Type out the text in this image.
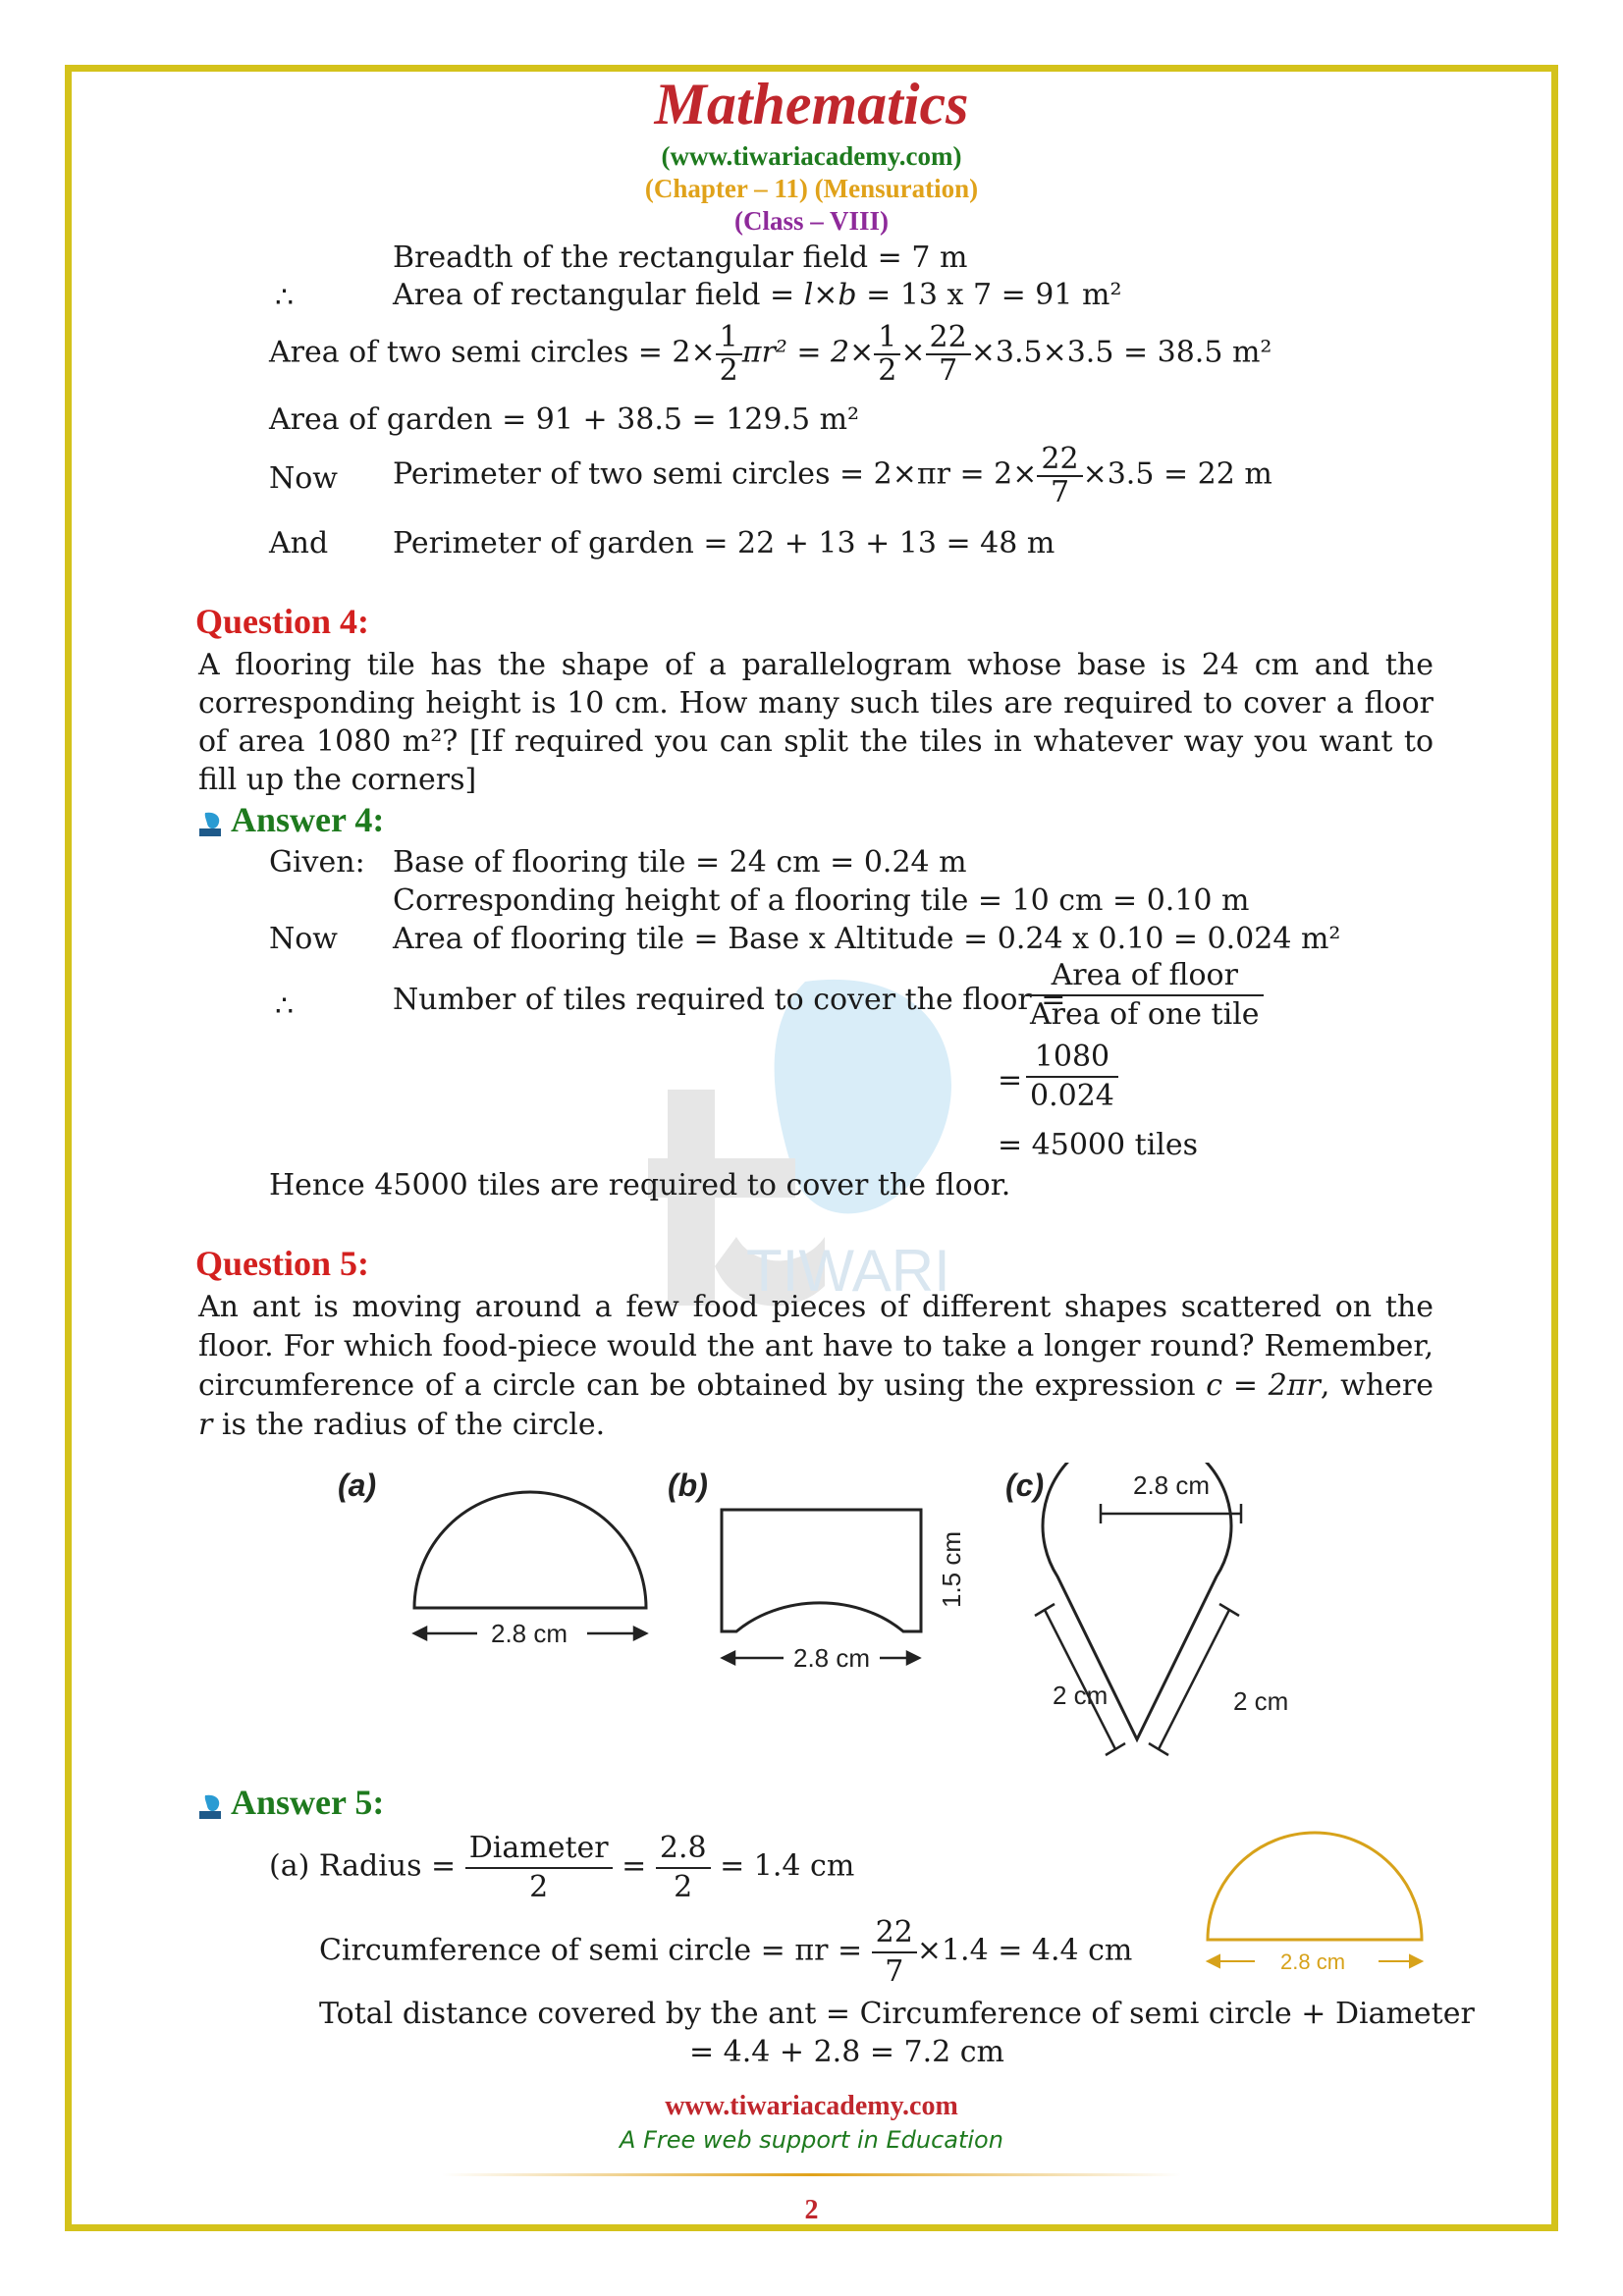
TIWARI
Mathematics
(www.tiwariacademy.com)
(Chapter – 11) (Mensuration)
(Class – VIII)
Breadth of the rectangular field = 7 m
∴	Area of rectangular field = l×b = 13 x 7 = 91 m²
Area of two semi circles = $2\times \frac{1}{2} \pi r^2 = 2\times \frac{1}{2} \times \frac{22}{7} \times 3.5\times 3.5 = 38.5$ m²
Area of garden = 91 + 38.5 = 129.5 m²
Now Perimeter of two semi circles = $2\times\pi r = 2\times \frac{22}{7} \times 3.5 = 22$ m
And Perimeter of garden = 22 + 13 + 13 = 48 m
Question 4:
A flooring tile has the shape of a parallelogram whose base is 24 cm and the corresponding height is 10 cm. How many such tiles are required to cover a floor of area 1080 m²? [If required you can split the tiles in whatever way you want to fill up the corners]
Answer 4:
Given: Base of flooring tile = 24 cm = 0.24 m
Corresponding height of a flooring tile = 10 cm = 0.10 m
Now Area of flooring tile = Base x Altitude = 0.24 x 0.10 = 0.024 m²
∴	Number of tiles required to cover the floor =
$\frac{\text{Area of floor}}{\text{Area of one tile}}$
= $\frac{1080}{0.024}$
= 45000 tiles
Hence 45000 tiles are required to cover the floor.
Question 5:
An ant is moving around a few food pieces of different shapes scattered on the floor. For which food-piece would the ant have to take a longer round? Remember, circumference of a circle can be obtained by using the expression c = 2πr, where r is the radius of the circle.
(a)	(b)	(c)
2.8 cm
2.8 cm
1.5 cm
2.8 cm
2 cm	2 cm
Answer 5:
(a) Radius = $\frac{\text{Diameter}}{2} = \frac{2.8}{2} = 1.4$ cm
Circumference of semi circle = $\pi r = \frac{22}{7} \times 1.4 = 4.4$ cm
Total distance covered by the ant = Circumference of semi circle + Diameter
= 4.4 + 2.8 = 7.2 cm
2.8 cm
www.tiwariacademy.com
A Free web support in Education
2
